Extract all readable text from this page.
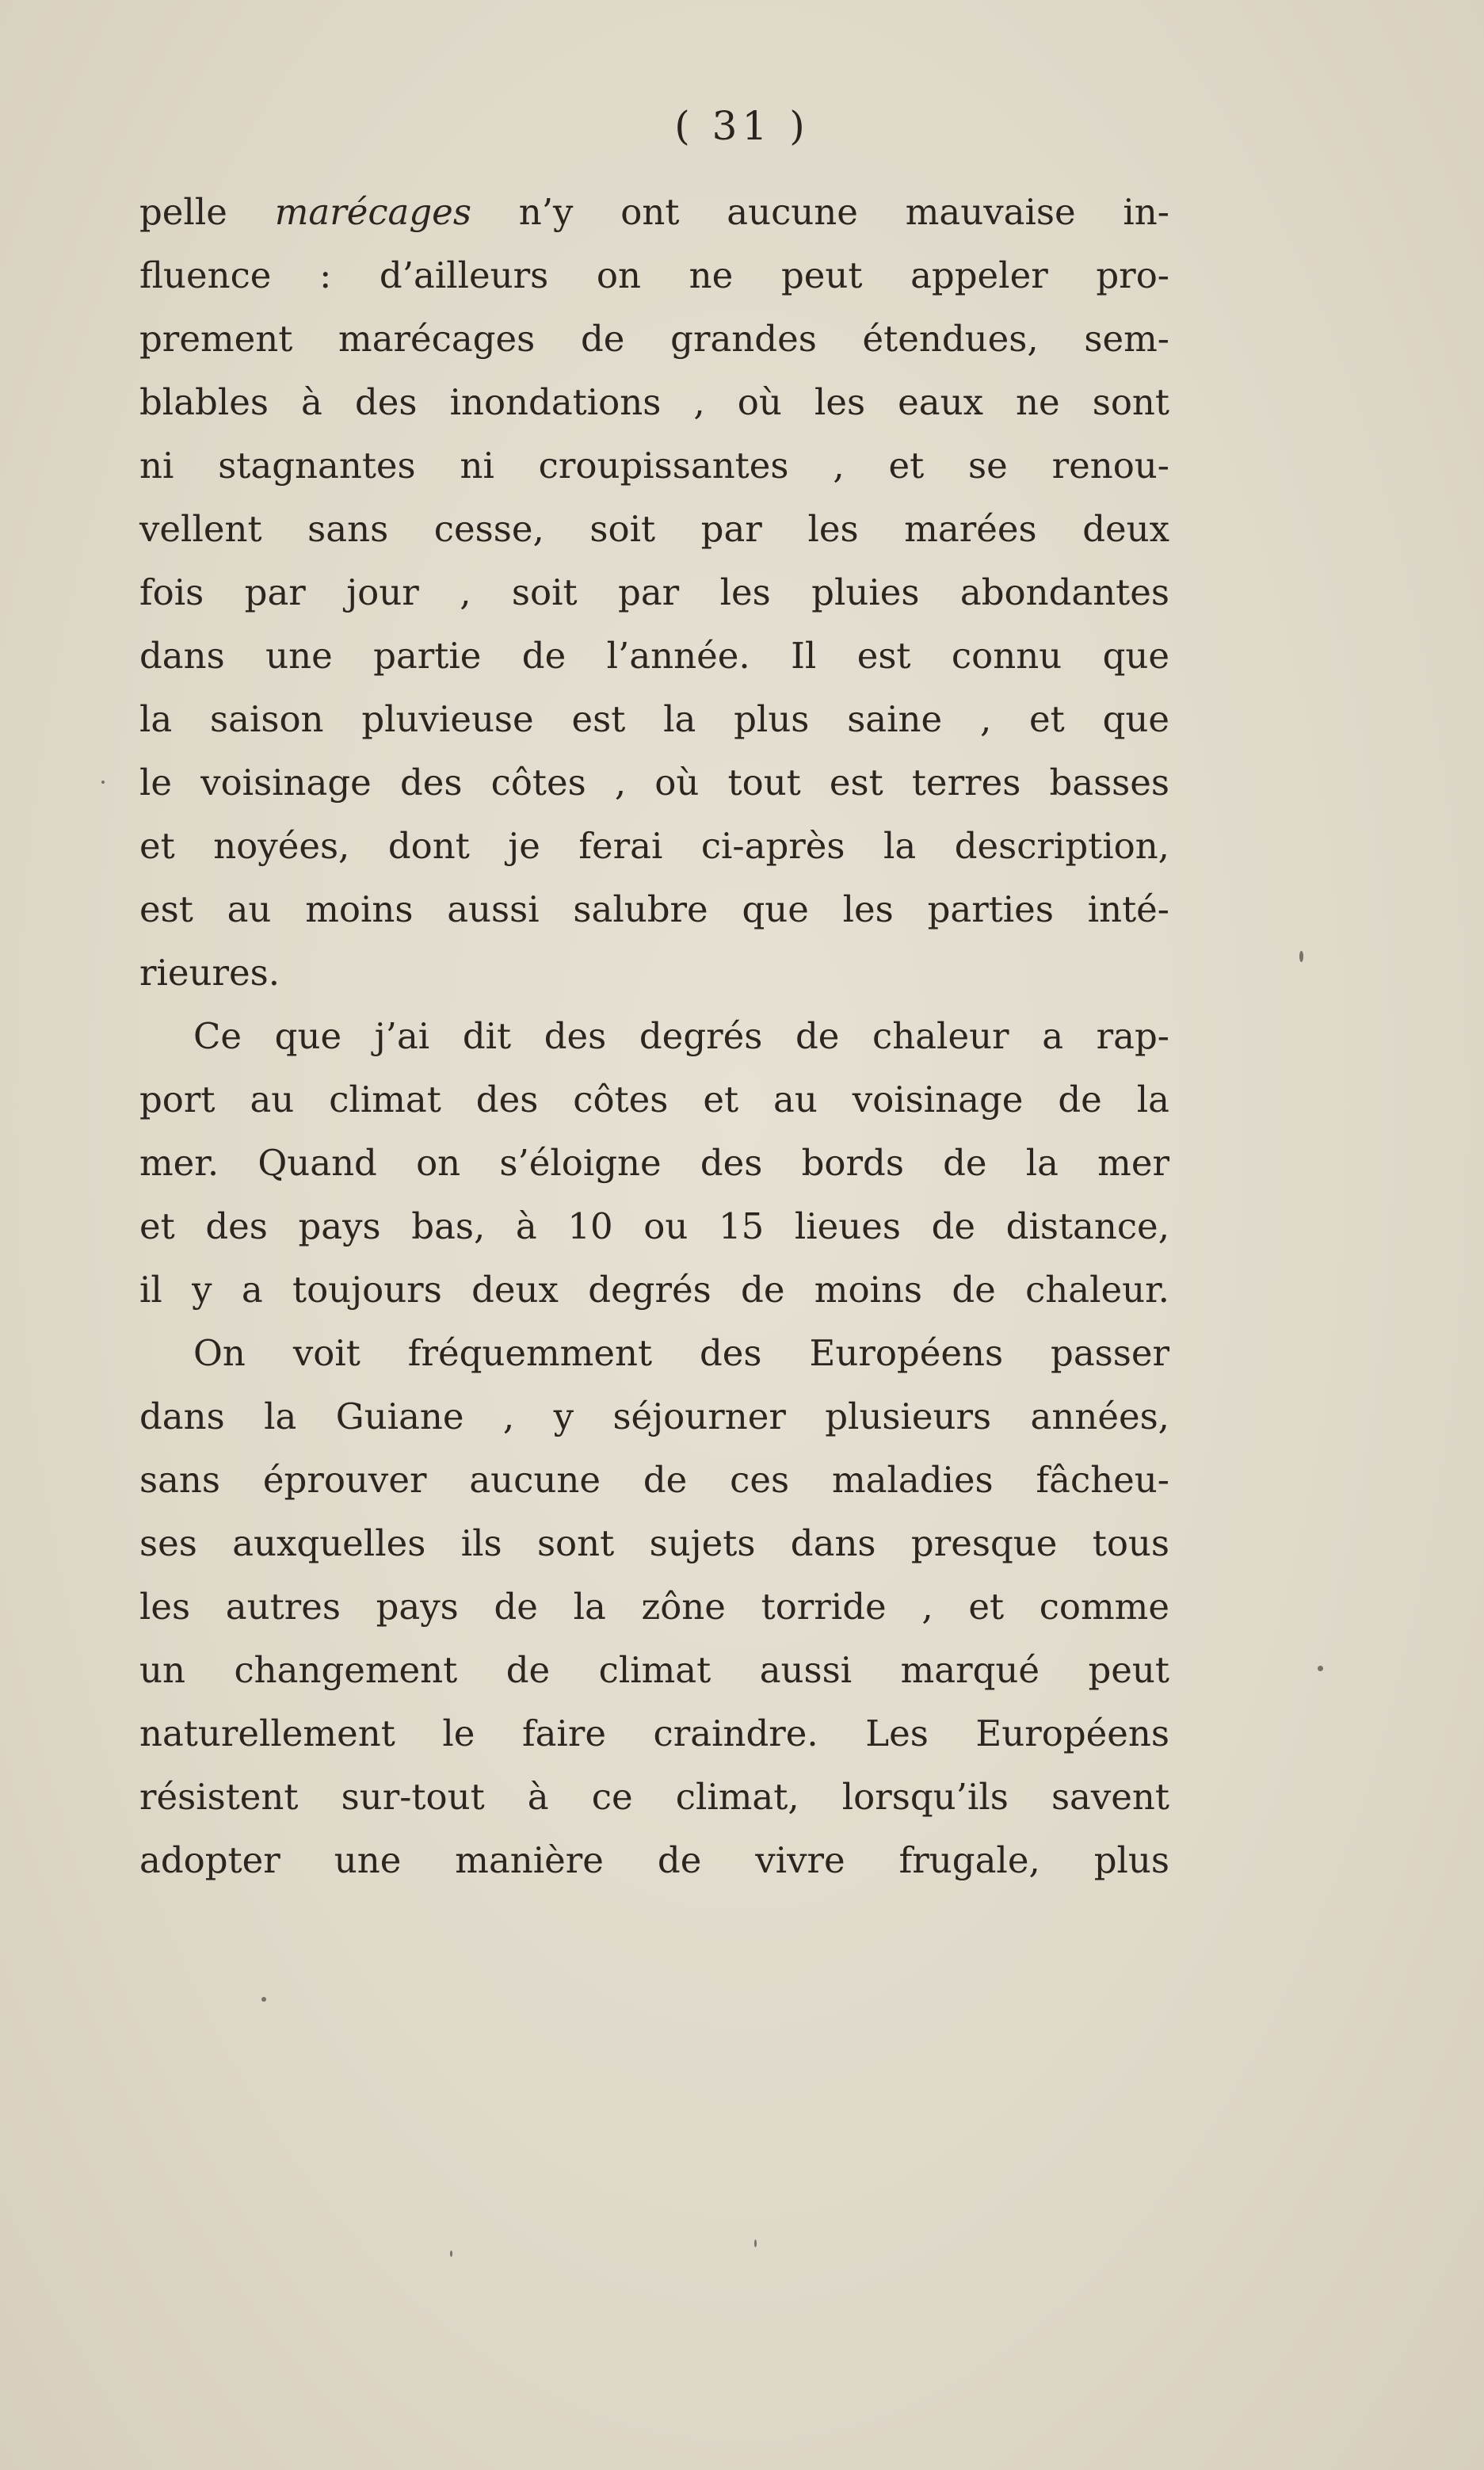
( 31 )
pelle marécages n’y ont aucune mauvaise in-
fluence : d’ailleurs on ne peut appeler pro-
prement marécages de grandes étendues, sem-
blables à des inondations , où les eaux ne sont
ni stagnantes ni croupissantes , et se renou-
vellent sans cesse, soit par les marées deux
fois par jour , soit par les pluies abondantes
dans une partie de l’année. Il est connu que
la saison pluvieuse est la plus saine , et que
le voisinage des côtes , où tout est terres basses
et noyées, dont je ferai ci-après la description,
est au moins aussi salubre que les parties inté-
rieures.
Ce que j’ai dit des degrés de chaleur a rap-
port au climat des côtes et au voisinage de la
mer. Quand on s’éloigne des bords de la mer
et des pays bas, à 10 ou 15 lieues de distance,
il y a toujours deux degrés de moins de chaleur.
On voit fréquemment des Européens passer
dans la Guiane , y séjourner plusieurs années,
sans éprouver aucune de ces maladies fâcheu-
ses auxquelles ils sont sujets dans presque tous
les autres pays de la zône torride , et comme
un changement de climat aussi marqué peut
naturellement le faire craindre. Les Européens
résistent sur-tout à ce climat, lorsqu’ils savent
adopter une manière de vivre frugale, plus
